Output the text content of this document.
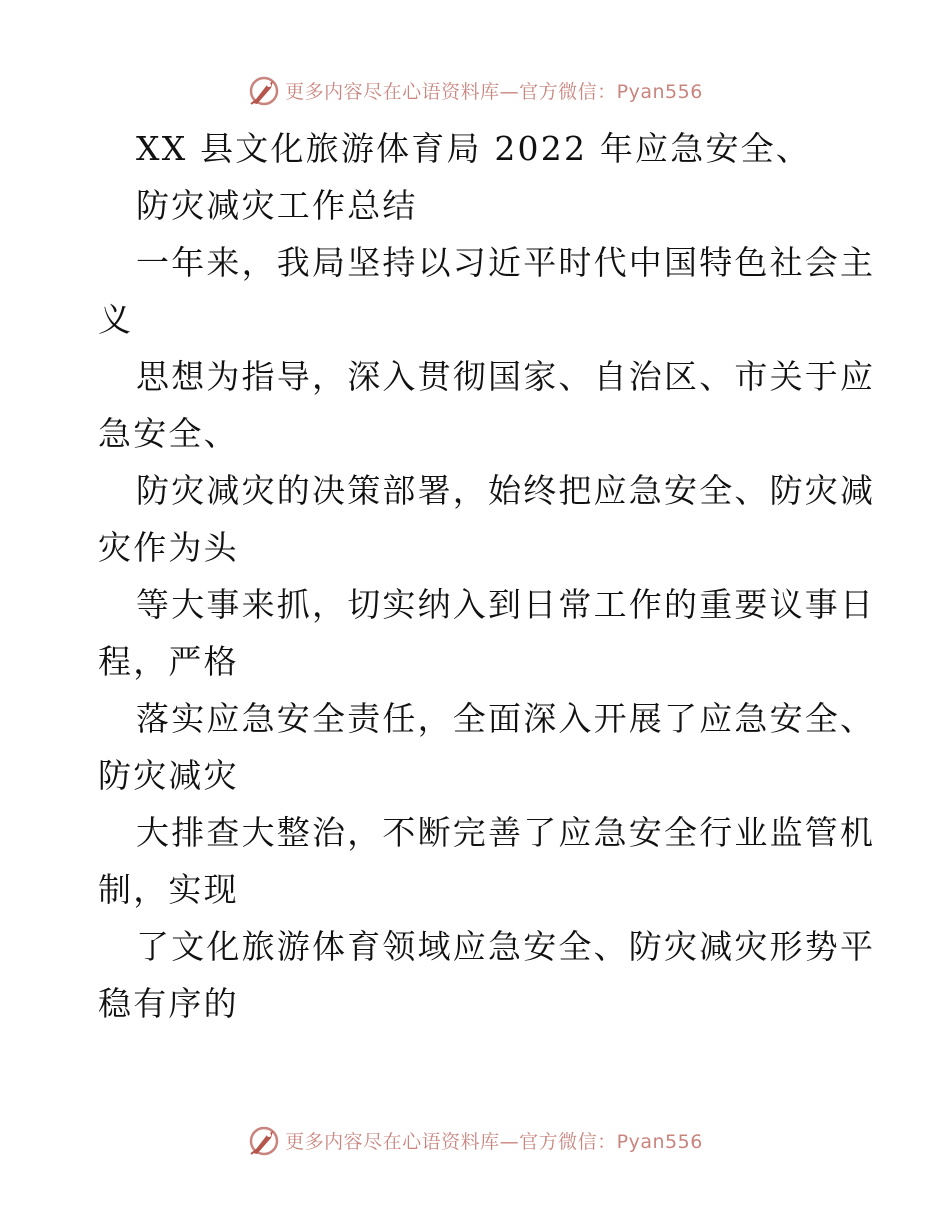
更多内容尽在心语资料库—官方微信：Pyan556
XX 县文化旅游体育局 2022 年应急安全、
防灾减灾工作总结
一年来，我局坚持以习近平时代中国特色社会主
义
思想为指导，深入贯彻国家、自治区、市关于应
急安全、
防灾减灾的决策部署，始终把应急安全、防灾减
灾作为头
等大事来抓，切实纳入到日常工作的重要议事日
程，严格
落实应急安全责任，全面深入开展了应急安全、
防灾减灾
大排查大整治，不断完善了应急安全行业监管机
制，实现
了文化旅游体育领域应急安全、防灾减灾形势平
稳有序的
更多内容尽在心语资料库—官方微信：Pyan556
